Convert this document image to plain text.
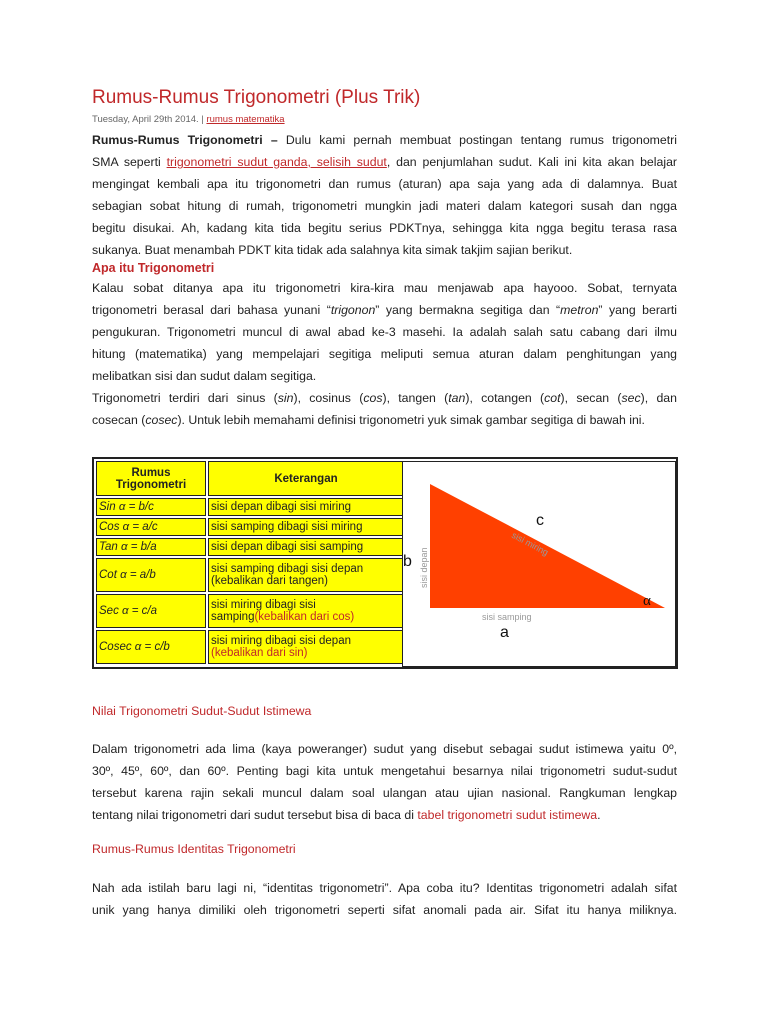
Rumus-Rumus Trigonometri (Plus Trik)
Tuesday, April 29th 2014. | rumus matematika
Rumus-Rumus Trigonometri – Dulu kami pernah membuat postingan tentang rumus trigonometri
SMA seperti trigonometri sudut ganda, selisih sudut, dan penjumlahan sudut. Kali ini kita akan belajar
mengingat kembali apa itu trigonometri dan rumus (aturan) apa saja yang ada di dalamnya. Buat
sebagian sobat hitung di rumah, trigonometri mungkin jadi materi dalam kategori susah dan ngga
begitu disukai. Ah, kadang kita tida begitu serius PDKTnya, sehingga kita ngga begitu terasa rasa
sukanya. Buat menambah PDKT kita tidak ada salahnya kita simak takjim sajian berikut.
Apa itu Trigonometri
Kalau sobat ditanya apa itu trigonometri kira-kira mau menjawab apa hayooo. Sobat, ternyata
trigonometri berasal dari bahasa yunani “trigonon” yang bermakna segitiga dan “metron” yang berarti
pengukuran. Trigonometri muncul di awal abad ke-3 masehi. Ia adalah salah satu cabang dari ilmu
hitung (matematika) yang mempelajari segitiga meliputi semua aturan dalam penghitungan yang
melibatkan sisi dan sudut dalam segitiga.
Trigonometri terdiri dari sinus (sin), cosinus (cos), tangen (tan), cotangen (cot), secan (sec), dan
cosecan (cosec). Untuk lebih memahami definisi trigonometri yuk simak gambar segitiga di bawah ini.
Rumus Trigonometri	Keterangan
Sin α = b/c	sisi depan dibagi sisi miring
Cos α = a/c	sisi samping dibagi sisi miring
Tan α = b/a	sisi depan dibagi sisi samping
Cot α = a/b	sisi samping dibagi sisi depan (kebalikan dari tangen)
Sec α = c/a	sisi miring dibagi sisi samping(kebalikan dari cos)
Cosec α = c/b	sisi miring dibagi sisi depan (kebalikan dari sin)
c
sisi miring
b sisi depan
α
sisi samping
a
Nilai Trigonometri Sudut-Sudut Istimewa
Dalam trigonometri ada lima (kaya poweranger) sudut yang disebut sebagai sudut istimewa yaitu 0º,
30º, 45º, 60º, dan 60º. Penting bagi kita untuk mengetahui besarnya nilai trigonometri sudut-sudut
tersebut karena rajin sekali muncul dalam soal ulangan atau ujian nasional. Rangkuman lengkap
tentang nilai trigonometri dari sudut tersebut bisa di baca di tabel trigonometri sudut istimewa.
Rumus-Rumus Identitas Trigonometri
Nah ada istilah baru lagi ni, “identitas trigonometri”. Apa coba itu? Identitas trigonometri adalah sifat
unik yang hanya dimiliki oleh trigonometri seperti sifat anomali pada air. Sifat itu hanya miliknya.
